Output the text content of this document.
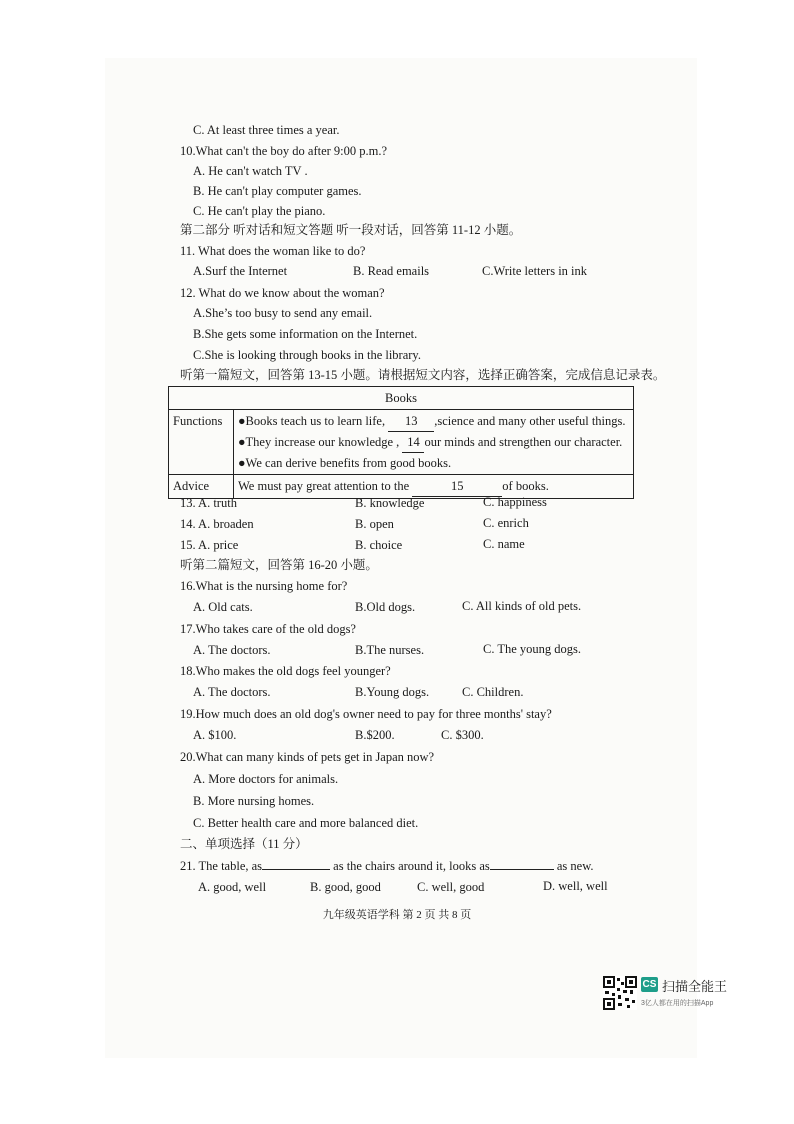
C. At least three times a year.
10.What can't the boy do after 9:00 p.m.?
A. He can't watch TV .
B. He can't play computer games.
C. He can't play the piano.
第二部分 听对话和短文答题 听一段对话，回答第 11-12 小题。
11. What does the woman like to do?
A.Surf the Internet	B. Read emails	C.Write letters in ink
12. What do we know about the woman?
A.She’s too busy to send any email.
B.She gets some information on the Internet.
C.She is looking through books in the library.
听第一篇短文，回答第 13-15 小题。请根据短文内容，选择正确答案，完成信息记录表。
Books	
Functions	●Books teach us to learn life, 13 ,science and many other useful things.
●They increase our knowledge , 14 our minds and strengthen our character.
●We can derive benefits from good books.

Advice	We must pay great attention to the 15 of books.
13. A. truth	B. knowledge	C. happiness
14. A. broaden	B. open	C. enrich
15. A. price	B. choice	C. name
听第二篇短文，回答第 16-20 小题。
16.What is the nursing home for?
A. Old cats.	B.Old dogs.	C. All kinds of old pets.
17.Who takes care of the old dogs?
A. The doctors.	B.The nurses.	C. The young dogs.
18.Who makes the old dogs feel younger?
A. The doctors.	B.Young dogs.	C. Children.
19.How much does an old dog's owner need to pay for three months' stay?
A. $100.	B.$200.	C. $300.
20.What can many kinds of pets get in Japan now?
A. More doctors for animals.
B. More nursing homes.
C. Better health care and more balanced diet.
二、单项选择（11 分）
21. The table, as	as the chairs around it, looks as	as new.
A. good, well	B. good, good	C. well, good	D. well, well
九年级英语学科 第 2 页 共 8 页
CS 扫描全能王
3亿人都在用的扫描App
